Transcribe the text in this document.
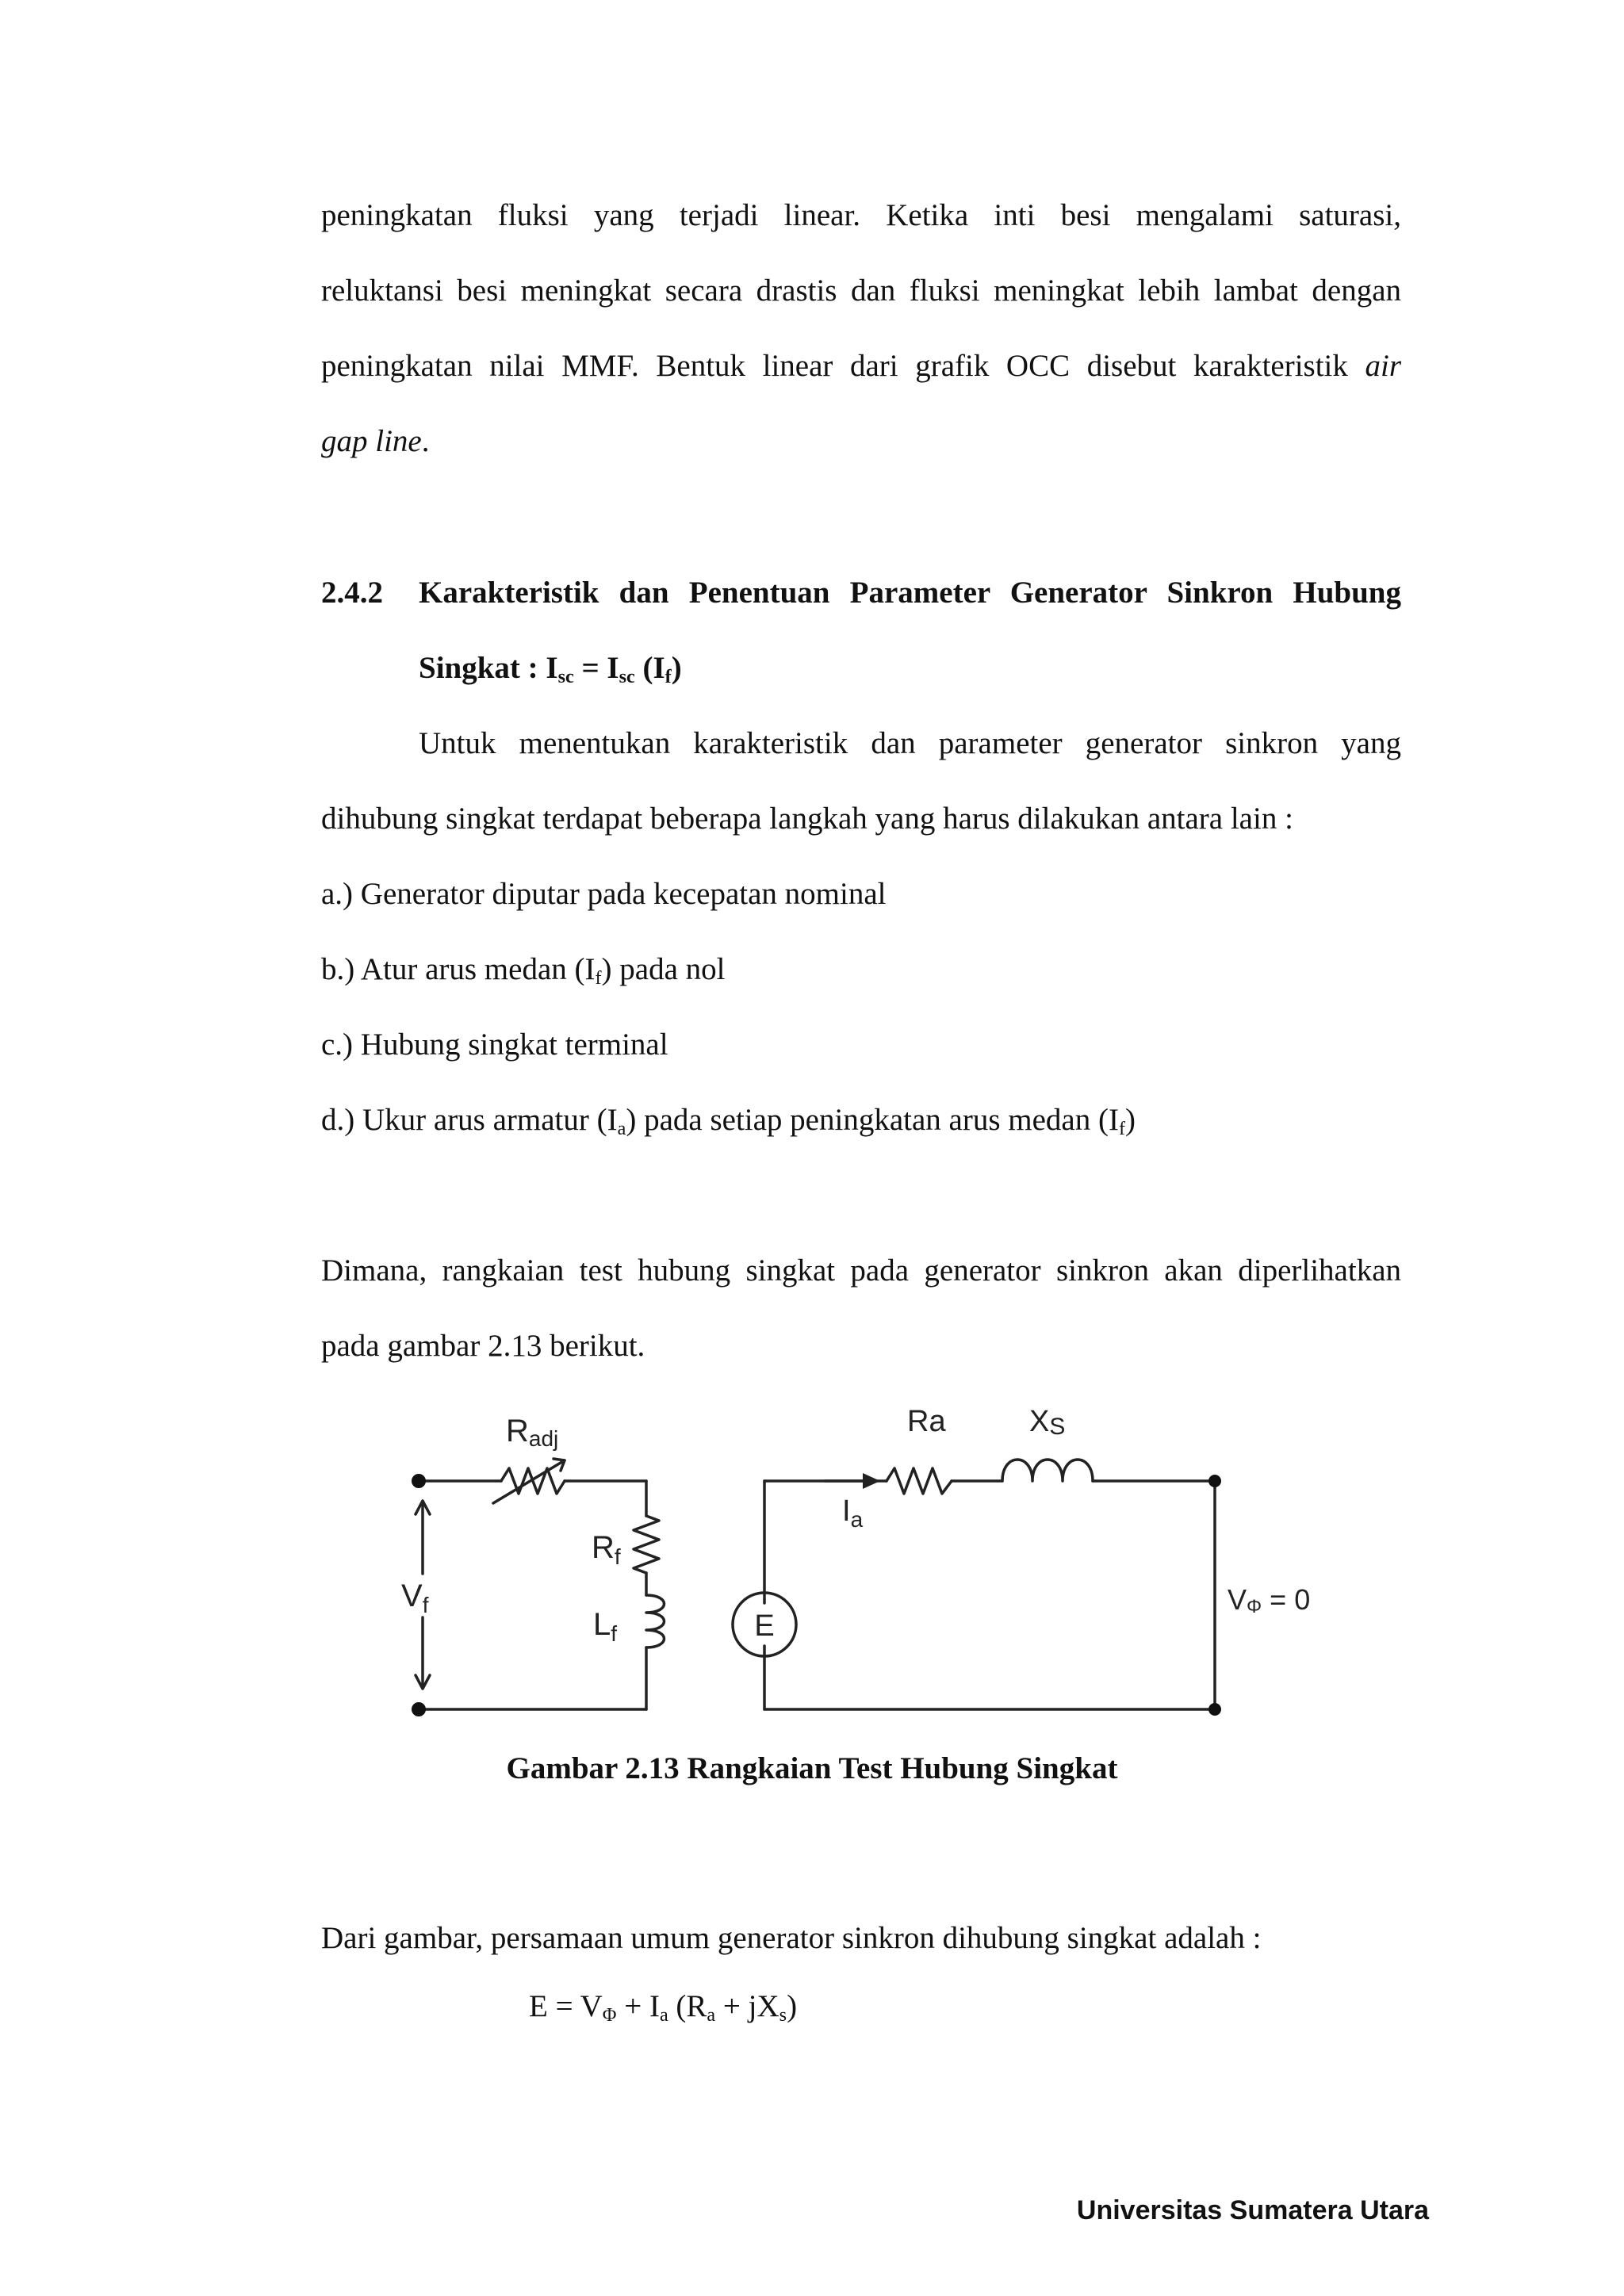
peningkatan fluksi yang terjadi linear. Ketika inti besi mengalami saturasi,
reluktansi besi meningkat secara drastis dan fluksi meningkat lebih lambat dengan
peningkatan nilai MMF. Bentuk linear dari grafik OCC disebut karakteristik air
gap line.
2.4.2 Karakteristik dan Penentuan Parameter Generator Sinkron Hubung
Singkat : $I_{sc} = I_{sc}$ $(I_f)$
Untuk menentukan karakteristik dan parameter generator sinkron yang
dihubung singkat terdapat beberapa langkah yang harus dilakukan antara lain :
a.) Generator diputar pada kecepatan nominal
b.) Atur arus medan $(I_f)$ pada nol
c.) Hubung singkat terminal
d.) Ukur arus armatur $(I_a)$ pada setiap peningkatan arus medan $(I_f)$
Dimana, rangkaian test hubung singkat pada generator sinkron akan diperlihatkan
pada gambar 2.13 berikut.
Radj
$R_f$
$L_f$
$V_f$
Ra	XS
$I_a$
E
VΦ = 0
Gambar 2.13 Rangkaian Test Hubung Singkat
Dari gambar, persamaan umum generator sinkron dihubung singkat adalah :
$E = V_\Phi + I_a$ $(R_a + jX_s)$
Universitas Sumatera Utara
